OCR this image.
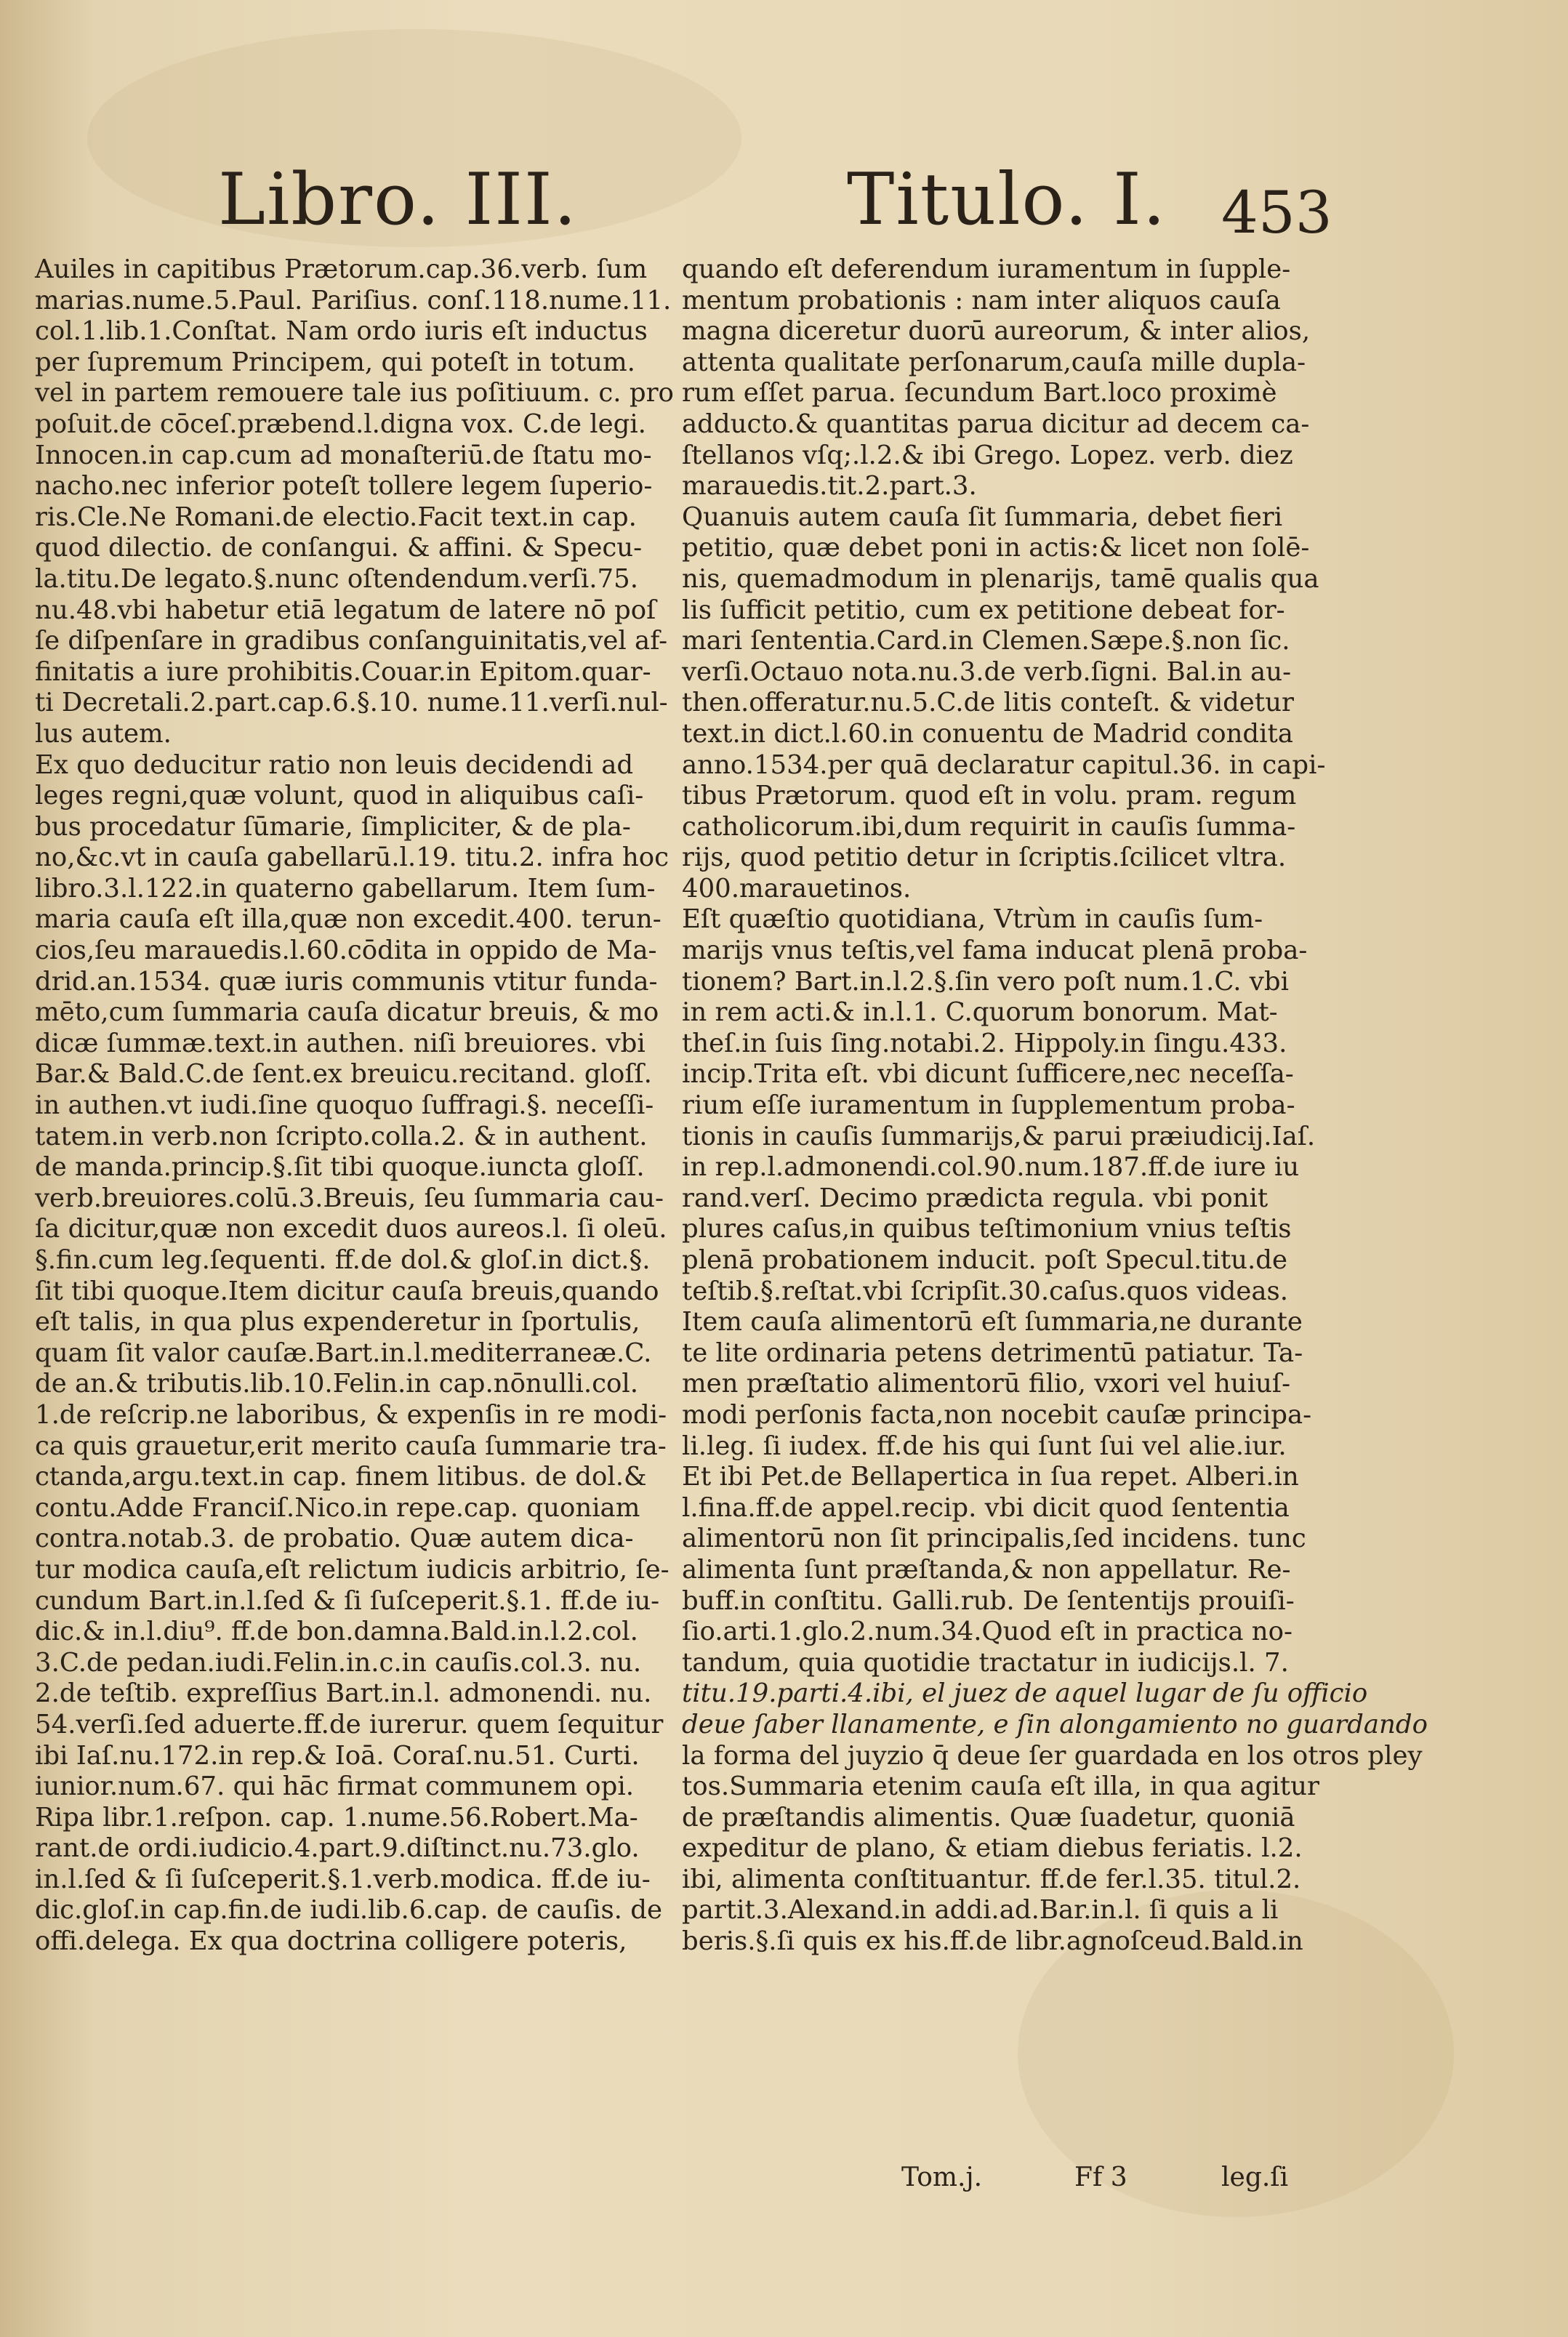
Libro. III.	Titulo. I. 453
Auiles in capitibus Prætorum.cap.36.verb. ſum
marias.nume.5.Paul. Pariſius. conſ.118.nume.11.
col.1.lib.1.Conſtat. Nam ordo iuris eſt inductus
per ſupremum Principem, qui poteſt in totum.
vel in partem remouere tale ius poſitiuum. c. pro
poſuit.de cōceſ.præbend.l.digna vox. C.de legi.
Innocen.in cap.cum ad monaſteriū.de ſtatu mo-
nacho.nec inferior poteſt tollere legem ſuperio-
ris.Cle.Ne Romani.de electio.Facit text.in cap.
quod dilectio. de conſangui. & affini. & Specu-
la.titu.De legato.§.nunc oſtendendum.verſi.75.
nu.48.vbi habetur etiā legatum de latere nō poſ
ſe diſpenſare in gradibus conſanguinitatis,vel af-
finitatis a iure prohibitis.Couar.in Epitom.quar-
ti Decretali.2.part.cap.6.§.10. nume.11.verſi.nul-
lus autem.
Ex quo deducitur ratio non leuis decidendi ad
leges regni,quæ volunt, quod in aliquibus caſi-
bus procedatur ſūmarie, ſimpliciter, & de pla-
no,&c.vt in cauſa gabellarū.l.19. titu.2. infra hoc
libro.3.l.122.in quaterno gabellarum. Item ſum-
maria cauſa eſt illa,quæ non excedit.400. terun-
cios,ſeu marauedis.l.60.cōdita in oppido de Ma-
drid.an.1534. quæ iuris communis vtitur funda-
mēto,cum ſummaria cauſa dicatur breuis, & mo
dicæ ſummæ.text.in authen. niſi breuiores. vbi
Bar.& Bald.C.de ſent.ex breuicu.recitand. gloſſ.
in authen.vt iudi.ſine quoquo ſuffragi.§. neceſſi-
tatem.in verb.non ſcripto.colla.2. & in authent.
de manda.princip.§.ſit tibi quoque.iuncta gloſſ.
verb.breuiores.colū.3.Breuis, ſeu ſummaria cau-
ſa dicitur,quæ non excedit duos aureos.l. ſi oleū.
§.fin.cum leg.ſequenti. ff.de dol.& gloſ.in dict.§.
ſit tibi quoque.Item dicitur cauſa breuis,quando
eſt talis, in qua plus expenderetur in ſportulis,
quam ſit valor cauſæ.Bart.in.l.mediterraneæ.C.
de an.& tributis.lib.10.Felin.in cap.nōnulli.col.
1.de reſcrip.ne laboribus, & expenſis in re modi-
ca quis grauetur,erit merito cauſa ſummarie tra-
ctanda,argu.text.in cap. finem litibus. de dol.&
contu.Adde Franciſ.Nico.in repe.cap. quoniam
contra.notab.3. de probatio. Quæ autem dica-
tur modica cauſa,eſt relictum iudicis arbitrio, ſe-
cundum Bart.in.l.ſed & ſi ſuſceperit.§.1. ff.de iu-
dic.& in.l.diu⁹. ff.de bon.damna.Bald.in.l.2.col.
3.C.de pedan.iudi.Felin.in.c.in cauſis.col.3. nu.
2.de teſtib. expreſſius Bart.in.l. admonendi. nu.
54.verſi.ſed aduerte.ff.de iurerur. quem ſequitur
ibi Iaſ.nu.172.in rep.& Ioā. Coraſ.nu.51. Curti.
iunior.num.67. qui hāc firmat communem opi.
Ripa libr.1.reſpon. cap. 1.nume.56.Robert.Ma-
rant.de ordi.iudicio.4.part.9.diſtinct.nu.73.glo.
in.l.ſed & ſi ſuſceperit.§.1.verb.modica. ff.de iu-
dic.gloſ.in cap.fin.de iudi.lib.6.cap. de cauſis. de
offi.delega. Ex qua doctrina colligere poteris,
quando eſt deferendum iuramentum in ſupple-
mentum probationis : nam inter aliquos cauſa
magna diceretur duorū aureorum, & inter alios,
attenta qualitate perſonarum,cauſa mille dupla-
rum eſſet parua. ſecundum Bart.loco proximè
adducto.& quantitas parua dicitur ad decem ca-
ſtellanos vſq;.l.2.& ibi Grego. Lopez. verb. diez
marauedis.tit.2.part.3.
Quanuis autem cauſa ſit ſummaria, debet fieri
petitio, quæ debet poni in actis:& licet non ſolē-
nis, quemadmodum in plenarijs, tamē qualis qua
lis ſufficit petitio, cum ex petitione debeat for-
mari ſententia.Card.in Clemen.Sæpe.§.non ſic.
verſi.Octauo nota.nu.3.de verb.ſigni. Bal.in au-
then.offeratur.nu.5.C.de litis conteſt. & videtur
text.in dict.l.60.in conuentu de Madrid condita
anno.1534.per quā declaratur capitul.36. in capi-
tibus Prætorum. quod eſt in volu. pram. regum
catholicorum.ibi,dum requirit in cauſis ſumma-
rijs, quod petitio detur in ſcriptis.ſcilicet vltra.
400.marauetinos.
Eſt quæſtio quotidiana, Vtrùm in cauſis ſum-
marijs vnus teſtis,vel fama inducat plenā proba-
tionem? Bart.in.l.2.§.ſin vero poſt num.1.C. vbi
in rem acti.& in.l.1. C.quorum bonorum. Mat-
theſ.in ſuis ſing.notabi.2. Hippoly.in ſingu.433.
incip.Trita eſt. vbi dicunt ſufficere,nec neceſſa-
rium eſſe iuramentum in ſupplementum proba-
tionis in cauſis ſummarijs,& parui præiudicij.Iaſ.
in rep.l.admonendi.col.90.num.187.ff.de iure iu
rand.verſ. Decimo prædicta regula. vbi ponit
plures caſus,in quibus teſtimonium vnius teſtis
plenā probationem inducit. poſt Specul.titu.de
teſtib.§.reſtat.vbi ſcripſit.30.caſus.quos videas.
Item cauſa alimentorū eſt ſummaria,ne durante
te lite ordinaria petens detrimentū patiatur. Ta-
men præſtatio alimentorū filio, vxori vel huiuſ-
modi perſonis facta,non nocebit cauſæ principa-
li.leg. ſi iudex. ff.de his qui ſunt ſui vel alie.iur.
Et ibi Pet.de Bellapertica in ſua repet. Alberi.in
l.fina.ff.de appel.recip. vbi dicit quod ſententia
alimentorū non ſit principalis,ſed incidens. tunc
alimenta ſunt præſtanda,& non appellatur. Re-
buff.in conſtitu. Galli.rub. De ſententijs prouiſi-
ſio.arti.1.glo.2.num.34.Quod eſt in practica no-
tandum, quia quotidie tractatur in iudicijs.l. 7.
titu.19.parti.4.ibi, el juez de aquel lugar de ſu officio
deue ſaber llanamente, e ſin alongamiento no guardando
la forma del juyzio q̄ deue ſer guardada en los otros pley
tos.Summaria etenim cauſa eſt illa, in qua agitur
de præſtandis alimentis. Quæ ſuadetur, quoniā
expeditur de plano, & etiam diebus feriatis. l.2.
ibi, alimenta conſtituantur. ff.de fer.l.35. titul.2.
partit.3.Alexand.in addi.ad.Bar.in.l. ſi quis a li
beris.§.ſi quis ex his.ff.de libr.agnoſceud.Bald.in
Tom.j.	Ff 3	leg.ſi
